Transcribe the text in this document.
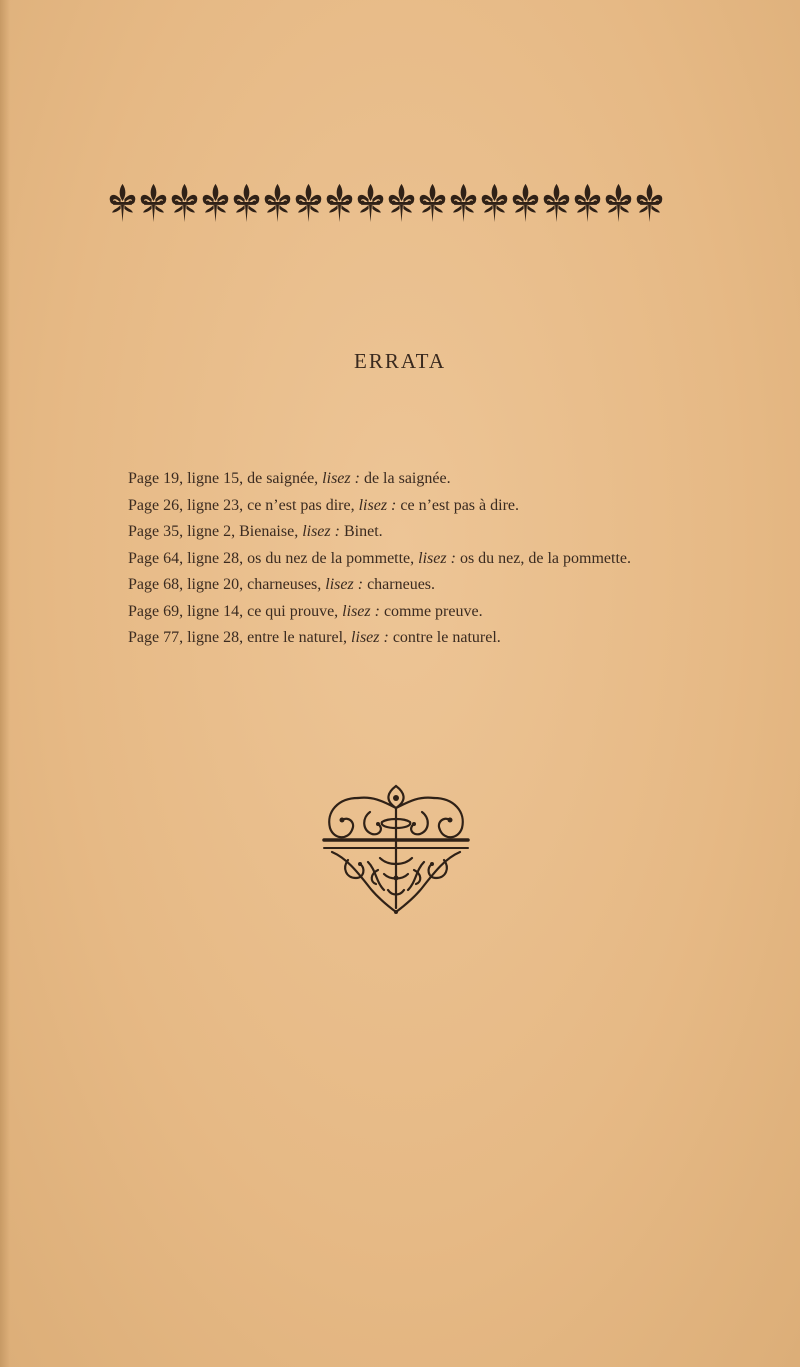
ERRATA

Page 19, ligne 15, de saignée, lisez : de la saignée.

Page 26, ligne 23, ce n’est pas dire, lisez : ce n’est pas à dire.

Page 35, ligne 2, Bienaise, lisez : Binet.

Page 64, ligne 28, os du nez de la pommette, lisez : os du nez, de la pommette.

Page 68, ligne 20, charneuses, lisez : charneues.

Page 69, ligne 14, ce qui prouve, lisez : comme preuve.

Page 77, ligne 28, entre le naturel, lisez : contre le naturel.
